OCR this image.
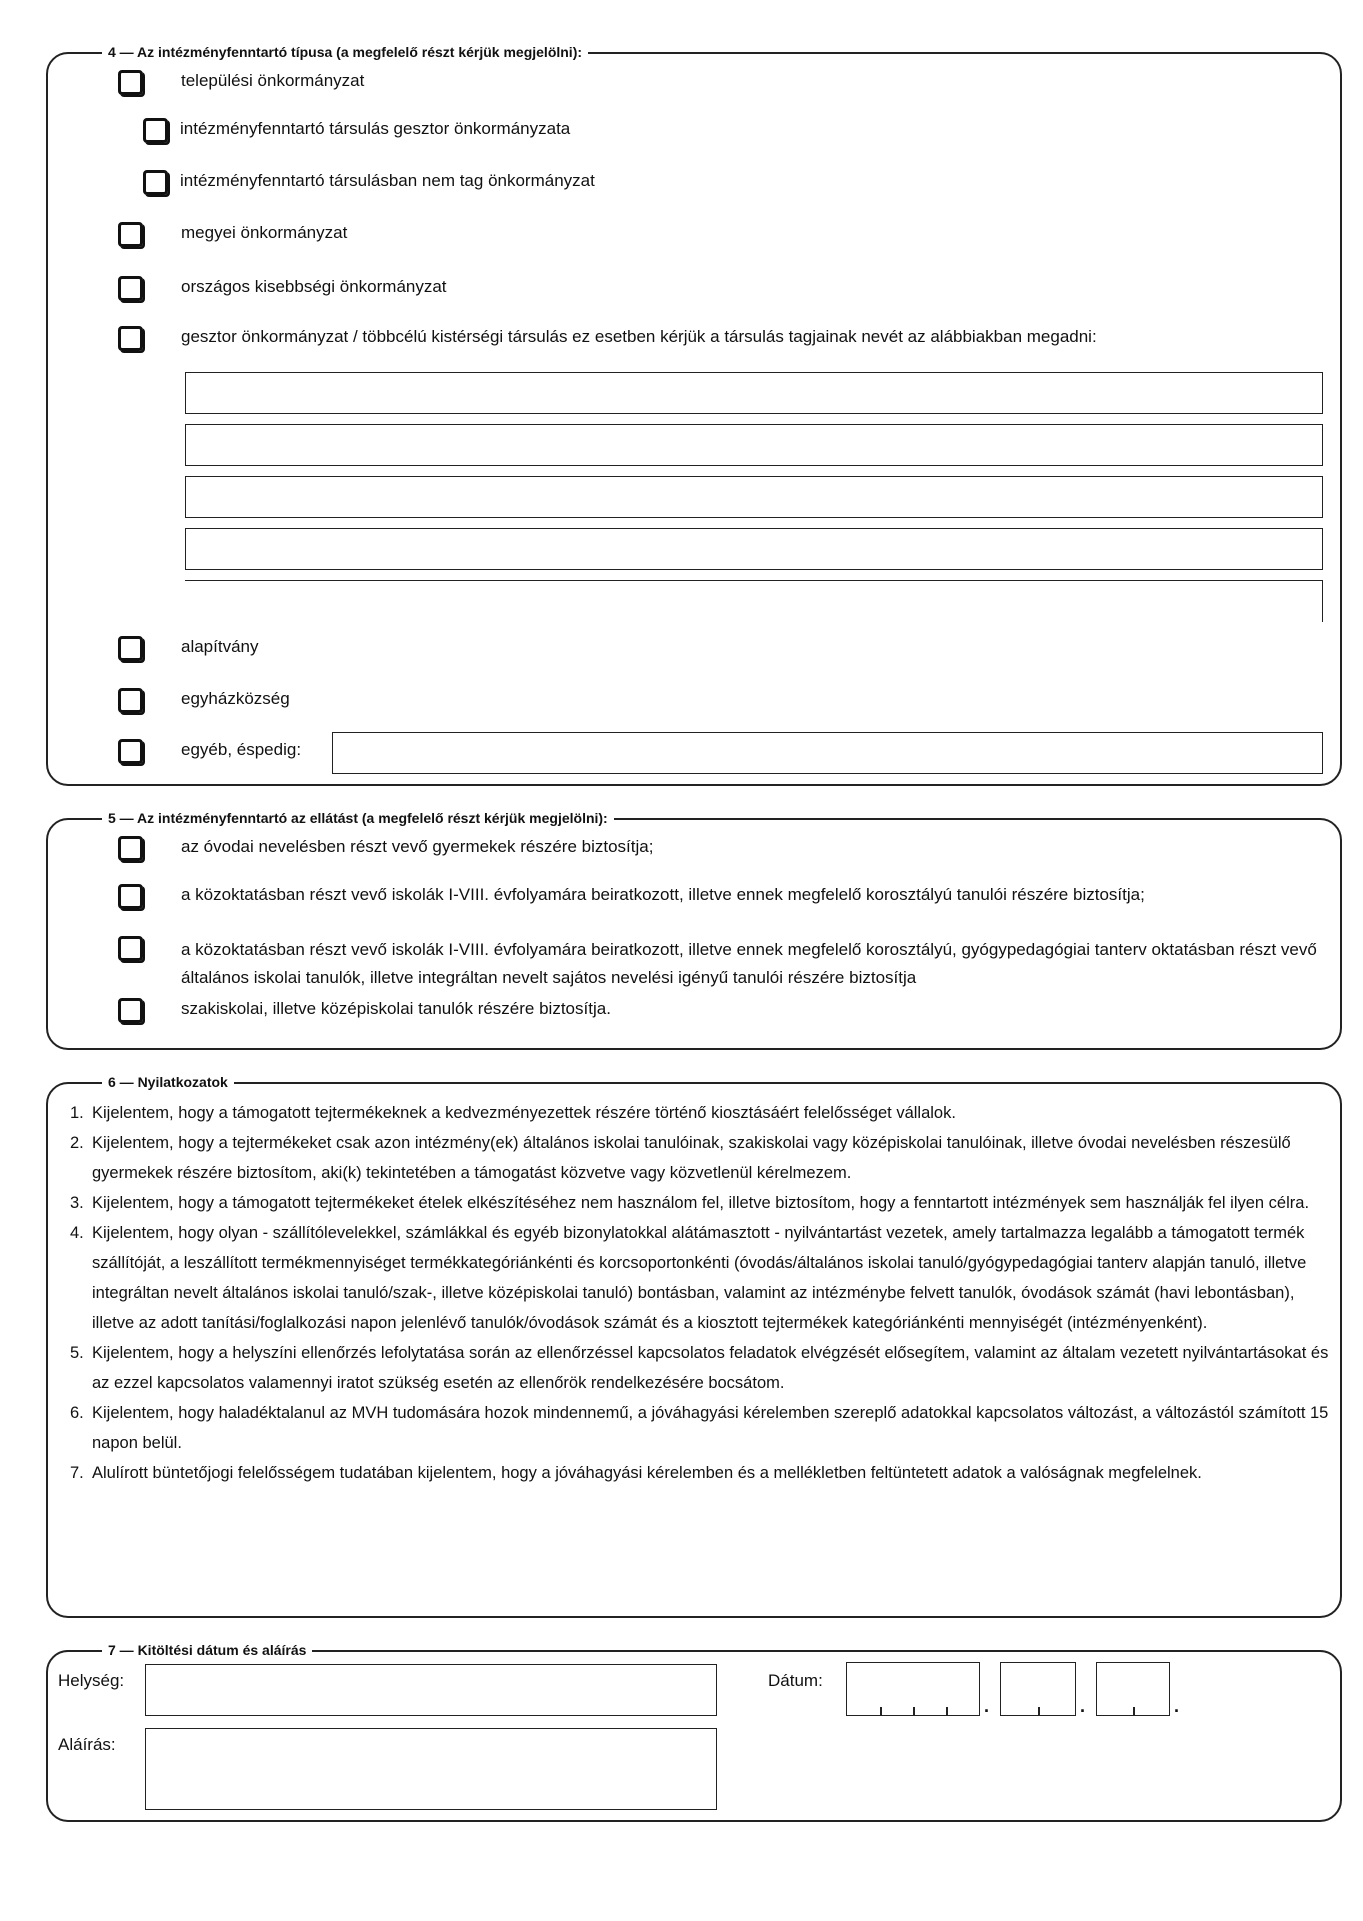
4 — Az intézményfenntartó típusa (a megfelelő részt kérjük megjelölni):
települési önkormányzat
intézményfenntartó társulás gesztor önkormányzata
intézményfenntartó társulásban nem tag önkormányzat
megyei önkormányzat
országos kisebbségi önkormányzat
gesztor önkormányzat / többcélú kistérségi társulás ez esetben kérjük a társulás tagjainak nevét az alábbiakban megadni:
alapítvány
egyházközség
egyéb, éspedig:
5 — Az intézményfenntartó az ellátást (a megfelelő részt kérjük megjelölni):
az óvodai nevelésben részt vevő gyermekek részére biztosítja;
a közoktatásban részt vevő iskolák I-VIII. évfolyamára beiratkozott, illetve ennek megfelelő korosztályú tanulói részére biztosítja;
a közoktatásban részt vevő iskolák I-VIII. évfolyamára beiratkozott, illetve ennek megfelelő korosztályú, gyógypedagógiai tanterv oktatásban részt vevő általános iskolai tanulók, illetve integráltan nevelt sajátos nevelési igényű tanulói részére biztosítja
szakiskolai, illetve középiskolai tanulók részére biztosítja.
6 — Nyilatkozatok
1. Kijelentem, hogy a támogatott tejtermékeknek a kedvezményezettek részére történő kiosztásáért felelősséget vállalok.
2. Kijelentem, hogy a tejtermékeket csak azon intézmény(ek) általános iskolai tanulóinak, szakiskolai vagy középiskolai tanulóinak, illetve óvodai nevelésben részesülő gyermekek részére biztosítom, aki(k) tekintetében a támogatást közvetve vagy közvetlenül kérelmezem.
3. Kijelentem, hogy a támogatott tejtermékeket ételek elkészítéséhez nem használom fel, illetve biztosítom, hogy a fenntartott intézmények sem használják fel ilyen célra.
4. Kijelentem, hogy olyan - szállítólevelekkel, számlákkal és egyéb bizonylatokkal alátámasztott - nyilvántartást vezetek, amely tartalmazza legalább a támogatott termék szállítóját, a leszállított termékmennyiséget termékkategóriánkénti és korcsoportonkénti (óvodás/általános iskolai tanuló/gyógypedagógiai tanterv alapján tanuló, illetve integráltan nevelt általános iskolai tanuló/szak-, illetve középiskolai tanuló) bontásban, valamint az intézménybe felvett tanulók, óvodások számát (havi lebontásban), illetve az adott tanítási/foglalkozási napon jelenlévő tanulók/óvodások számát és a kiosztott tejtermékek kategóriánkénti mennyiségét (intézményenként).
5. Kijelentem, hogy a helyszíni ellenőrzés lefolytatása során az ellenőrzéssel kapcsolatos feladatok elvégzését elősegítem, valamint az általam vezetett nyilvántartásokat és az ezzel kapcsolatos valamennyi iratot szükség esetén az ellenőrök rendelkezésére bocsátom.
6. Kijelentem, hogy haladéktalanul az MVH tudomására hozok mindennemű, a jóváhagyási kérelemben szereplő adatokkal kapcsolatos változást, a változástól számított 15 napon belül.
7. Alulírott büntetőjogi felelősségem tudatában kijelentem, hogy a jóváhagyási kérelemben és a mellékletben feltüntetett adatok a valóságnak megfelelnek.
7 — Kitöltési dátum és aláírás
Helység:
Aláírás:
Dátum:
.	.	.
